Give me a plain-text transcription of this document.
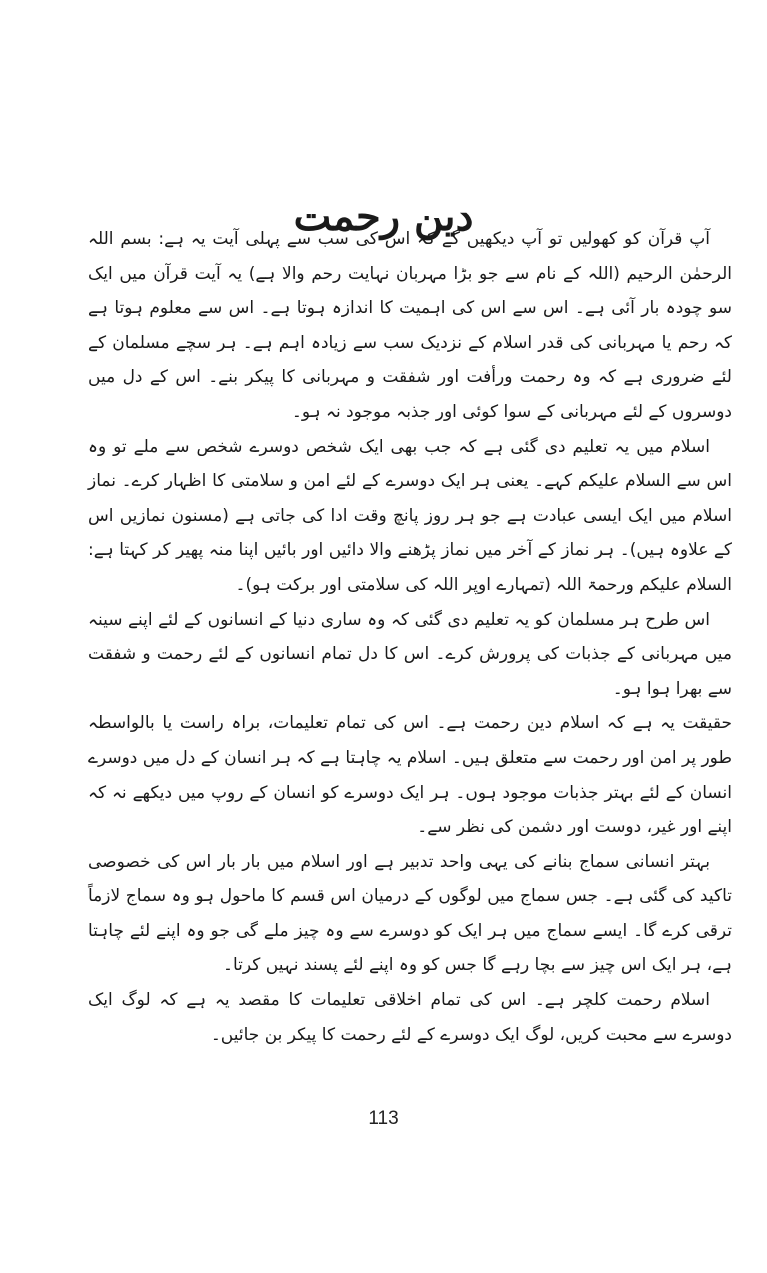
دین رحمت

آپ قرآن کو کھولیں تو آپ دیکھیں گے کہ اس کی سب سے پہلی آیت یہ ہے: بسم اللہ الرحمٰن الرحیم (اللہ کے نام سے جو بڑا مہربان نہایت رحم والا ہے) یہ آیت قرآن میں ایک سو چودہ بار آئی ہے۔ اس سے اس کی اہمیت کا اندازہ ہوتا ہے۔ اس سے معلوم ہوتا ہے کہ رحم یا مہربانی کی قدر اسلام کے نزدیک سب سے زیادہ اہم ہے۔ ہر سچے مسلمان کے لئے ضروری ہے کہ وہ رحمت ورأفت اور شفقت و مہربانی کا پیکر بنے۔ اس کے دل میں دوسروں کے لئے مہربانی کے سوا کوئی اور جذبہ موجود نہ ہو۔

اسلام میں یہ تعلیم دی گئی ہے کہ جب بھی ایک شخص دوسرے شخص سے ملے تو وہ اس سے السلام علیکم کہے۔ یعنی ہر ایک دوسرے کے لئے امن و سلامتی کا اظہار کرے۔ نماز اسلام میں ایک ایسی عبادت ہے جو ہر روز پانچ وقت ادا کی جاتی ہے (مسنون نمازیں اس کے علاوہ ہیں)۔ ہر نماز کے آخر میں نماز پڑھنے والا دائیں اور بائیں اپنا منہ پھیر کر کہتا ہے: السلام علیکم ورحمۃ اللہ (تمہارے اوپر اللہ کی سلامتی اور برکت ہو)۔

اس طرح ہر مسلمان کو یہ تعلیم دی گئی کہ وہ ساری دنیا کے انسانوں کے لئے اپنے سینہ میں مہربانی کے جذبات کی پرورش کرے۔ اس کا دل تمام انسانوں کے لئے رحمت و شفقت سے بھرا ہوا ہو۔

حقیقت یہ ہے کہ اسلام دین رحمت ہے۔ اس کی تمام تعلیمات، براہ راست یا بالواسطہ طور پر امن اور رحمت سے متعلق ہیں۔ اسلام یہ چاہتا ہے کہ ہر انسان کے دل میں دوسرے انسان کے لئے بہتر جذبات موجود ہوں۔ ہر ایک دوسرے کو انسان کے روپ میں دیکھے نہ کہ اپنے اور غیر، دوست اور دشمن کی نظر سے۔

بہتر انسانی سماج بنانے کی یہی واحد تدبیر ہے اور اسلام میں بار بار اس کی خصوصی تاکید کی گئی ہے۔ جس سماج میں لوگوں کے درمیان اس قسم کا ماحول ہو وہ سماج لازماً ترقی کرے گا۔ ایسے سماج میں ہر ایک کو دوسرے سے وہ چیز ملے گی جو وہ اپنے لئے چاہتا ہے، ہر ایک اس چیز سے بچا رہے گا جس کو وہ اپنے لئے پسند نہیں کرتا۔

اسلام رحمت کلچر ہے۔ اس کی تمام اخلاقی تعلیمات کا مقصد یہ ہے کہ لوگ ایک دوسرے سے محبت کریں، لوگ ایک دوسرے کے لئے رحمت کا پیکر بن جائیں۔

113
